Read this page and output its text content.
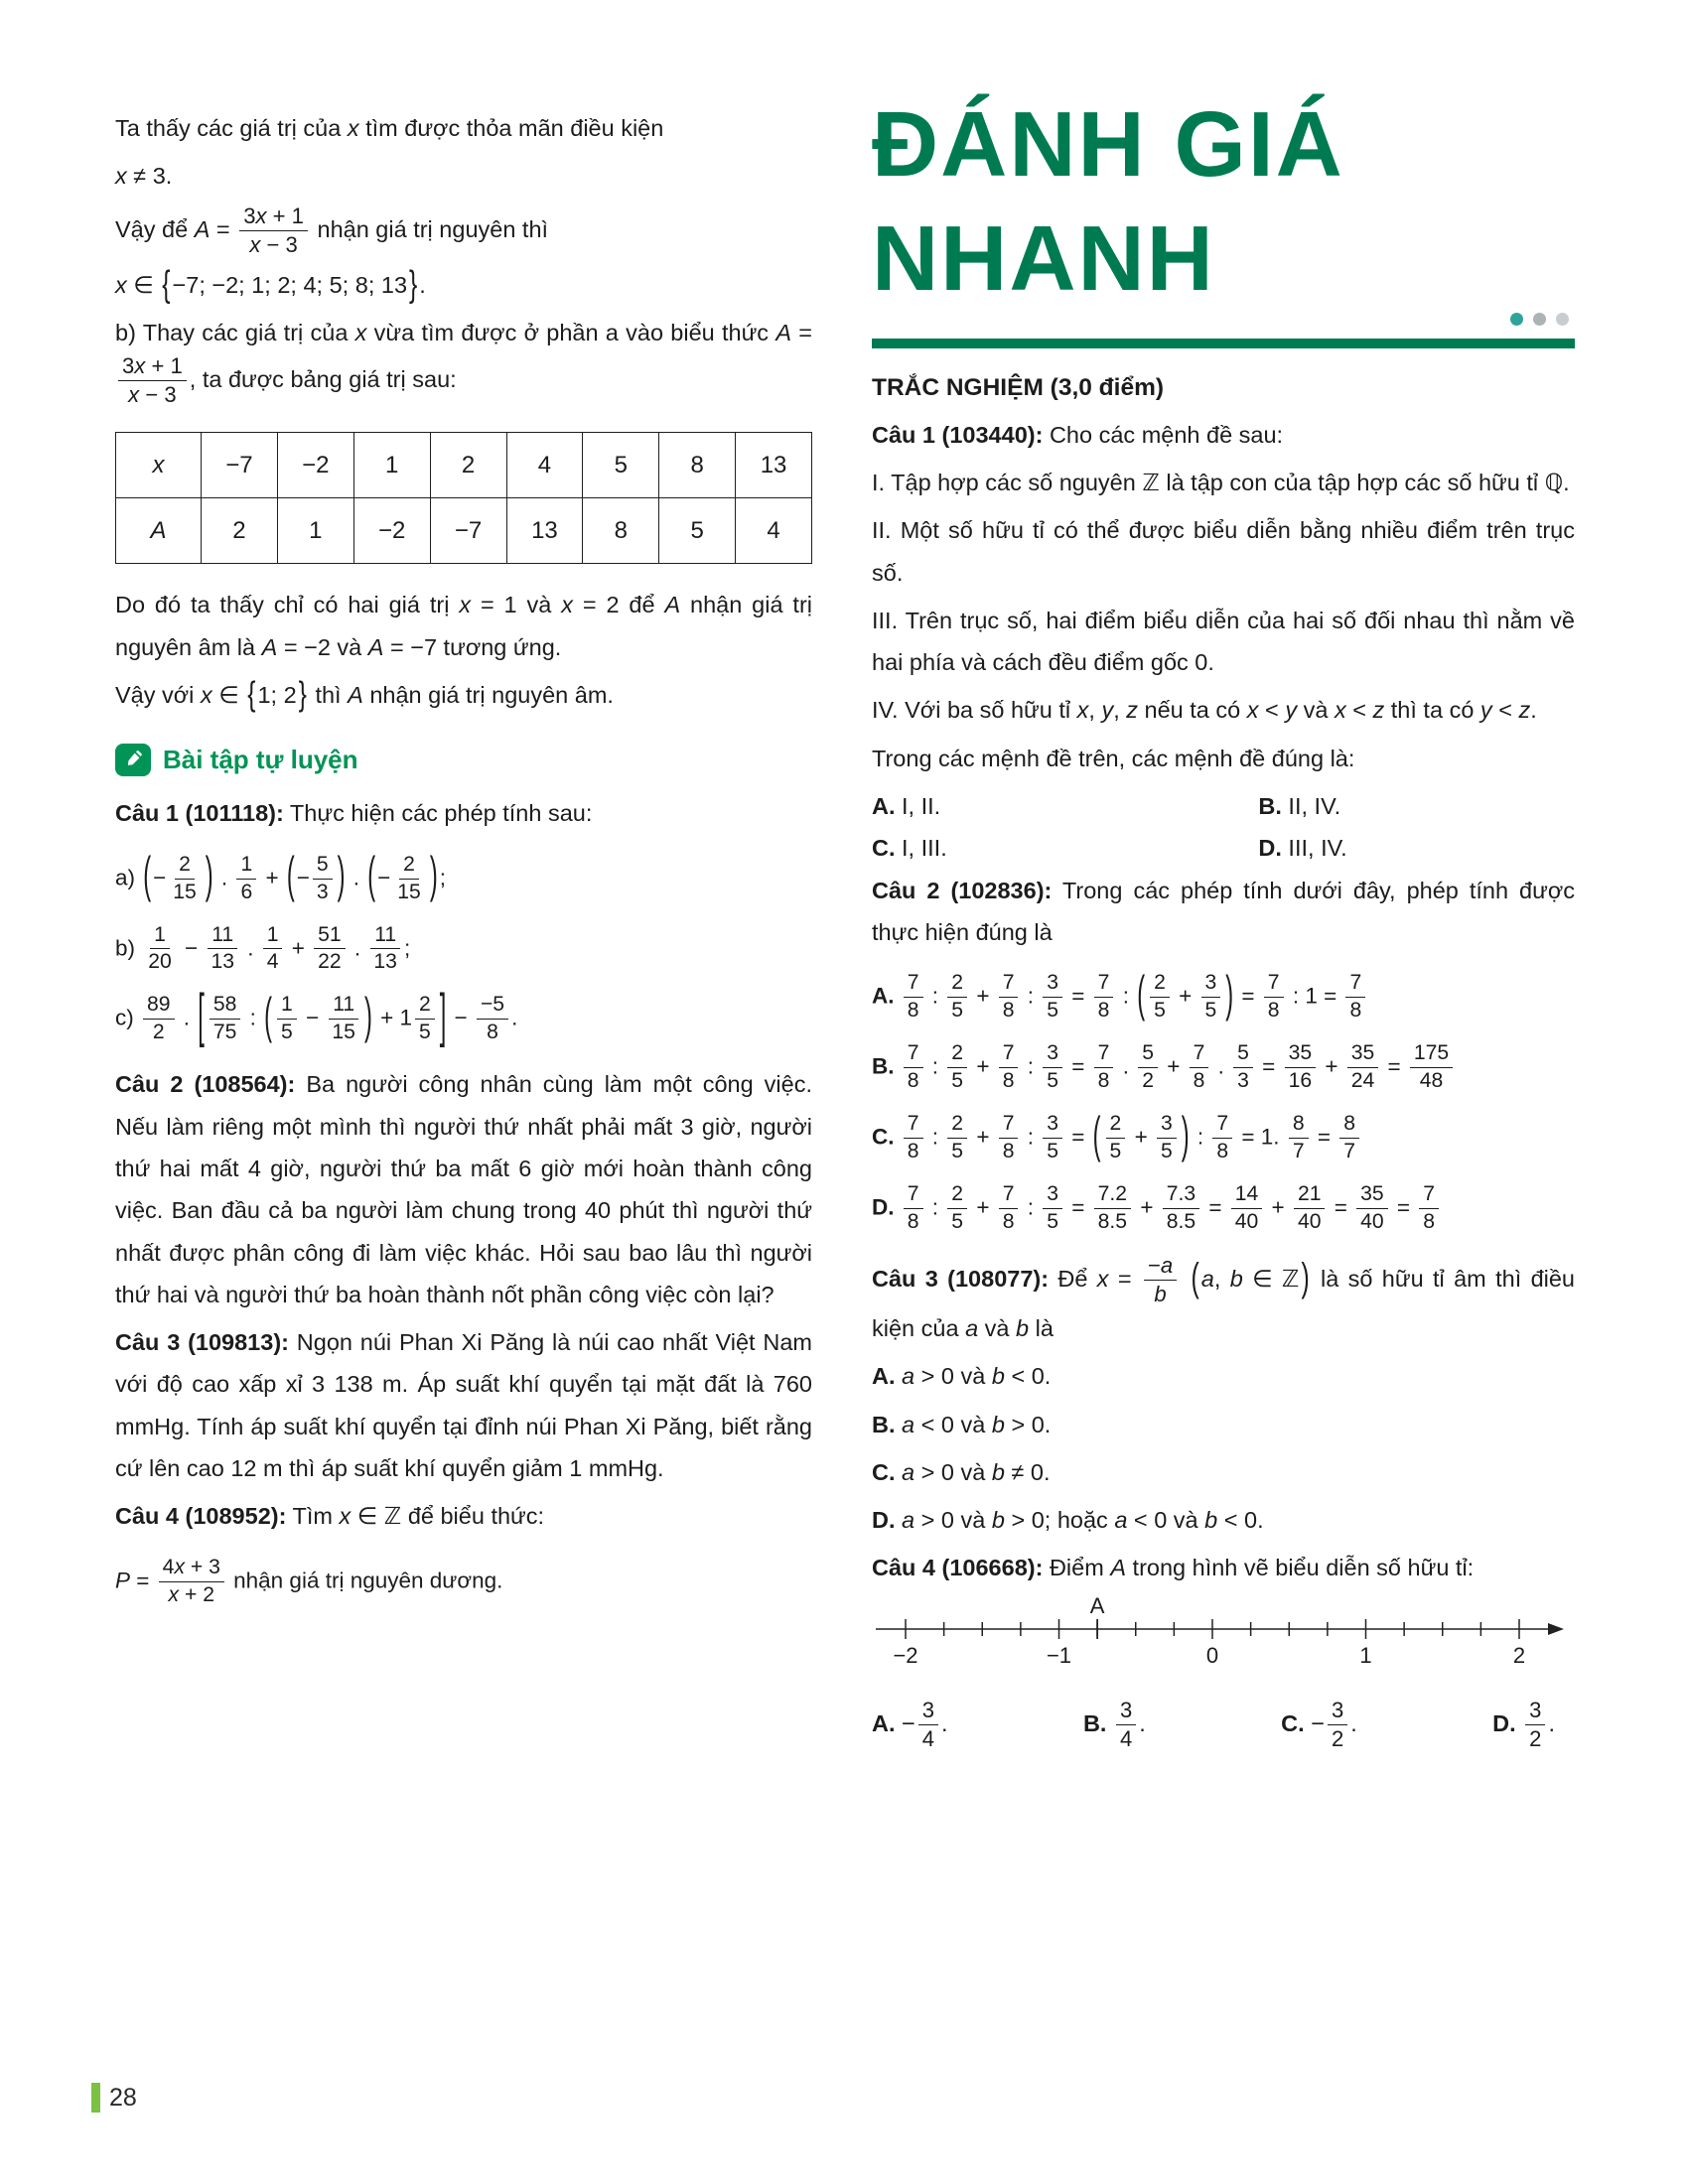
Ta thấy các giá trị của x tìm được thỏa mãn điều kiện

x ≠ 3.

Vậy để $A = \frac{3x + 1}{x - 3}$ nhận giá trị nguyên thì

x ∈ {−7; −2; 1; 2; 4; 5; 8; 13}.

b) Thay các giá trị của x vừa tìm được ở phần a vào biểu thức A =
$\frac{3x + 1}{x - 3}$ , ta được bảng giá trị sau:

x	−7	−2	1	2	4	5	8	13
A	2	1	−2	−7	13	8	5	4

Do đó ta thấy chỉ có hai giá trị x = 1 và x = 2 để A nhận giá trị nguyên âm là A = −2 và A = −7 tương ứng.

Vậy với x ∈ {1; 2} thì A nhận giá trị nguyên âm.

Bài tập tự luyện

Câu 1 (101118): Thực hiện các phép tính sau:

a) (− $\frac{2}{15}$ ) . $\frac{1}{6}$ + (− $\frac{5}{3}$ ) . (− $\frac{2}{15}$ );
$b) \frac{1}{20} - \frac{11}{13}$ . $\frac{1}{4} + \frac{51}{22}$ . $\frac{11}{13}$ ;
$c) \frac{89}{2}$ . [ $\frac{58}{75}$ : ( $\frac{1}{5} - \frac{11}{15}$ ) + $1 \frac{2}{5}$ ] − $\frac{-5}{8}$ .

Câu 2 (108564): Ba người công nhân cùng làm một công việc. Nếu làm riêng một mình thì người thứ nhất phải mất 3 giờ, người thứ hai mất 4 giờ, người thứ ba mất 6 giờ mới hoàn thành công việc. Ban đầu cả ba người làm chung trong 40 phút thì người thứ nhất được phân công đi làm việc khác. Hỏi sau bao lâu thì người thứ hai và người thứ ba hoàn thành nốt phần công việc còn lại?

Câu 3 (109813): Ngọn núi Phan Xi Păng là núi cao nhất Việt Nam với độ cao xấp xỉ 3 138 m. Áp suất khí quyển tại mặt đất là 760 mmHg. Tính áp suất khí quyển tại đỉnh núi Phan Xi Păng, biết rằng cứ lên cao 12 m thì áp suất khí quyển giảm 1 mmHg.

Câu 4 (108952): Tìm x ∈ ℤ để biểu thức:

$P = \frac{4x + 3}{x + 2}$ nhận giá trị nguyên dương.
ĐÁNH GIÁ
NHANH
TRẮC NGHIỆM (3,0 điểm)

Câu 1 (103440): Cho các mệnh đề sau:

I. Tập hợp các số nguyên ℤ là tập con của tập hợp các số hữu tỉ ℚ.

II. Một số hữu tỉ có thể được biểu diễn bằng nhiều điểm trên trục số.

III. Trên trục số, hai điểm biểu diễn của hai số đối nhau thì nằm về hai phía và cách đều điểm gốc 0.

IV. Với ba số hữu tỉ x, y, z nếu ta có x < y và x < z thì ta có y < z.

Trong các mệnh đề trên, các mệnh đề đúng là:

A. I, II.	B. II, IV.
C. I, III.	D. III, IV.

Câu 2 (102836): Trong các phép tính dưới đây, phép tính được thực hiện đúng là

A. $\frac{7}{8}$ : $\frac{2}{5} + \frac{7}{8}$ : $\frac{3}{5} = \frac{7}{8}$ : ( $\frac{2}{5} + \frac{3}{5}$ ) = $\frac{7}{8}$ : $1 = \frac{7}{8}$
B. $\frac{7}{8}$ : $\frac{2}{5} + \frac{7}{8}$ : $\frac{3}{5} = \frac{7}{8}$ . $\frac{5}{2} + \frac{7}{8}$ . $\frac{5}{3} = \frac{35}{16} + \frac{35}{24} = \frac{175}{48}$
C. $\frac{7}{8}$ : $\frac{2}{5} + \frac{7}{8}$ : $\frac{3}{5}$ = ( $\frac{2}{5} + \frac{3}{5}$ ) : $\frac{7}{8} = 1$. $\frac{8}{7} = \frac{8}{7}$
D. $\frac{7}{8}$ : $\frac{2}{5} + \frac{7}{8}$ : $\frac{3}{5} = \frac{7.2}{8.5} + \frac{7.3}{8.5} = \frac{14}{40} + \frac{21}{40} = \frac{35}{40} = \frac{7}{8}$

Câu 3 (108077): Để $x = \frac{-a}{b} (a$, b ∈ ℤ) là số hữu tỉ âm thì điều kiện của a và b là

A. a > 0 và b < 0.

B. a < 0 và b > 0.

C. a > 0 và b ≠ 0.

D. a > 0 và b > 0; hoặc a < 0 và b < 0.

Câu 4 (106668): Điểm A trong hình vẽ biểu diễn số hữu tỉ:

−2	−1	0	1	2
A
A. − $\frac{3}{4}$ .	B. $\frac{3}{4}$ .	C. − $\frac{3}{2}$ .	D. $\frac{3}{2}$ .
28
